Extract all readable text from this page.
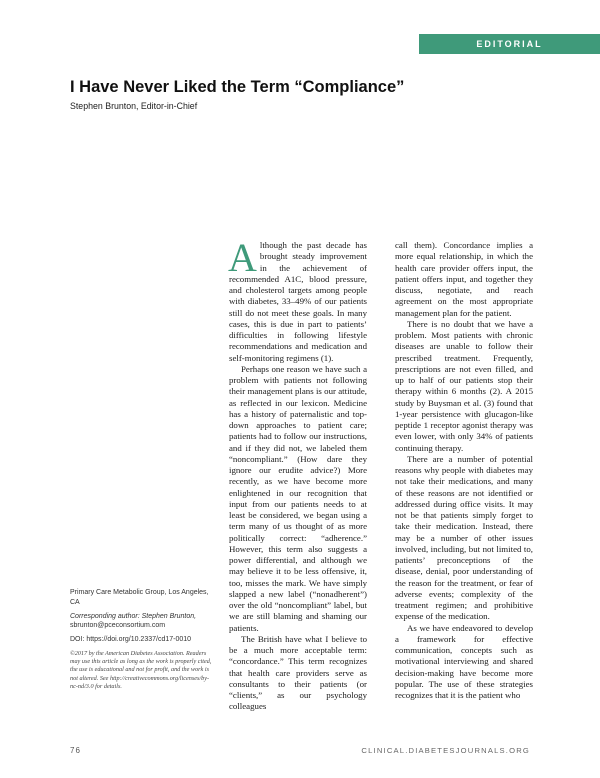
EDITORIAL
I Have Never Liked the Term “Compliance”
Stephen Brunton, Editor-in-Chief

Although the past decade has brought steady improvement in the achievement of recommended A1C, blood pressure, and cholesterol targets among people with diabetes, 33–49% of our patients still do not meet these goals. In many cases, this is due in part to patients’ difficulties in following lifestyle recommendations and medication and self-monitoring regimens (1).

Perhaps one reason we have such a problem with patients not following their management plans is our attitude, as reflected in our lexicon. Medicine has a history of paternalistic and top-down approaches to patient care; patients had to follow our instructions, and if they did not, we labeled them “noncompliant.” (How dare they ignore our erudite advice?) More recently, as we have become more enlightened in our recognition that input from our patients needs to at least be considered, we began using a term many of us thought of as more politically correct: “adherence.” However, this term also suggests a power differential, and although we may believe it to be less offensive, it, too, misses the mark. We have simply slapped a new label (“nonadherent”) over the old “noncompliant” label, but we are still blaming and shaming our patients.

The British have what I believe to be a much more acceptable term: “concordance.” This term recognizes that health care providers serve as consultants to their patients (or “clients,” as our psychology colleagues

call them). Concordance implies a more equal relationship, in which the health care provider offers input, the patient offers input, and together they discuss, negotiate, and reach agreement on the most appropriate management plan for the patient.

There is no doubt that we have a problem. Most patients with chronic diseases are unable to follow their prescribed treatment. Frequently, prescriptions are not even filled, and up to half of our patients stop their therapy within 6 months (2). A 2015 study by Buysman et al. (3) found that 1-year persistence with glucagon-like peptide 1 receptor agonist therapy was even lower, with only 34% of patients continuing therapy.

There are a number of potential reasons why people with diabetes may not take their medications, and many of these reasons are not identified or addressed during office visits. It may not be that patients simply forget to take their medication. Instead, there may be a number of other issues involved, including, but not limited to, patients’ preconceptions of the disease, denial, poor understanding of the reason for the treatment, or fear of adverse events; complexity of the treatment regimen; and prohibitive expense of the medication.

As we have endeavored to develop a framework for effective communication, concepts such as motivational interviewing and shared decision-making have become more popular. The use of these strategies recognizes that it is the patient who

Primary Care Metabolic Group, Los Angeles, CA

Corresponding author: Stephen Brunton, sbrunton@pceconsortium.com

DOI: https://doi.org/10.2337/cd17-0010

©2017 by the American Diabetes Association. Readers may use this article as long as the work is properly cited, the use is educational and not for profit, and the work is not altered. See http://creativecommons.org/licenses/by-nc-nd/3.0 for details.

76	CLINICAL.DIABETESJOURNALS.ORG
